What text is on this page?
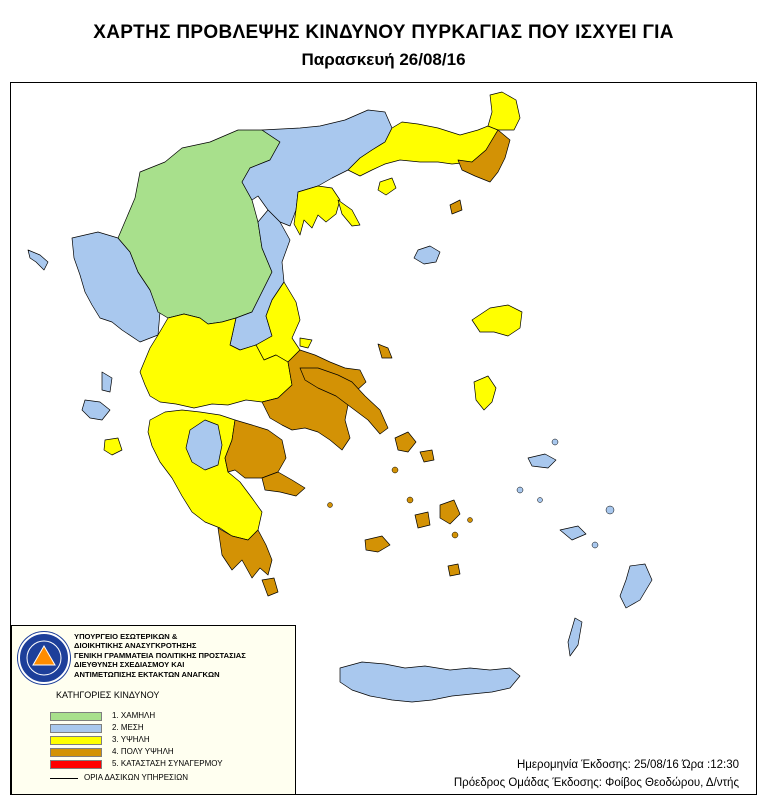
ΧΑΡΤΗΣ ΠΡΟΒΛΕΨΗΣ ΚΙΝΔΥΝΟΥ ΠΥΡΚΑΓΙΑΣ ΠΟΥ ΙΣΧΥΕΙ ΓΙΑ
Παρασκευή 26/08/16
ΥΠΟΥΡΓΕΙΟ ΕΣΩΤΕΡΙΚΩΝ &
ΔΙΟΙΚΗΤΙΚΗΣ ΑΝΑΣΥΓΚΡΟΤΗΣΗΣ
ΓΕΝΙΚΗ ΓΡΑΜΜΑΤΕΙΑ ΠΟΛΙΤΙΚΗΣ ΠΡΟΣΤΑΣΙΑΣ
ΔΙΕΥΘΥΝΣΗ ΣΧΕΔΙΑΣΜΟΥ ΚΑΙ
ΑΝΤΙΜΕΤΩΠΙΣΗΣ ΕΚΤΑΚΤΩΝ ΑΝΑΓΚΩΝ
ΚΑΤΗΓΟΡΙΕΣ ΚΙΝΔΥΝΟΥ
1. ΧΑΜΗΛΗ
2. ΜΕΣΗ
3. ΥΨΗΛΗ
4. ΠΟΛΥ ΥΨΗΛΗ
5. ΚΑΤΑΣΤΑΣΗ ΣΥΝΑΓΕΡΜΟΥ
ΟΡΙΑ ΔΑΣΙΚΩΝ ΥΠΗΡΕΣΙΩΝ
Ημερομηνία Έκδοσης: 25/08/16 Ώρα :12:30
Πρόεδρος Ομάδας Έκδοσης: Φοίβος Θεοδώρου, Δ/ντής
